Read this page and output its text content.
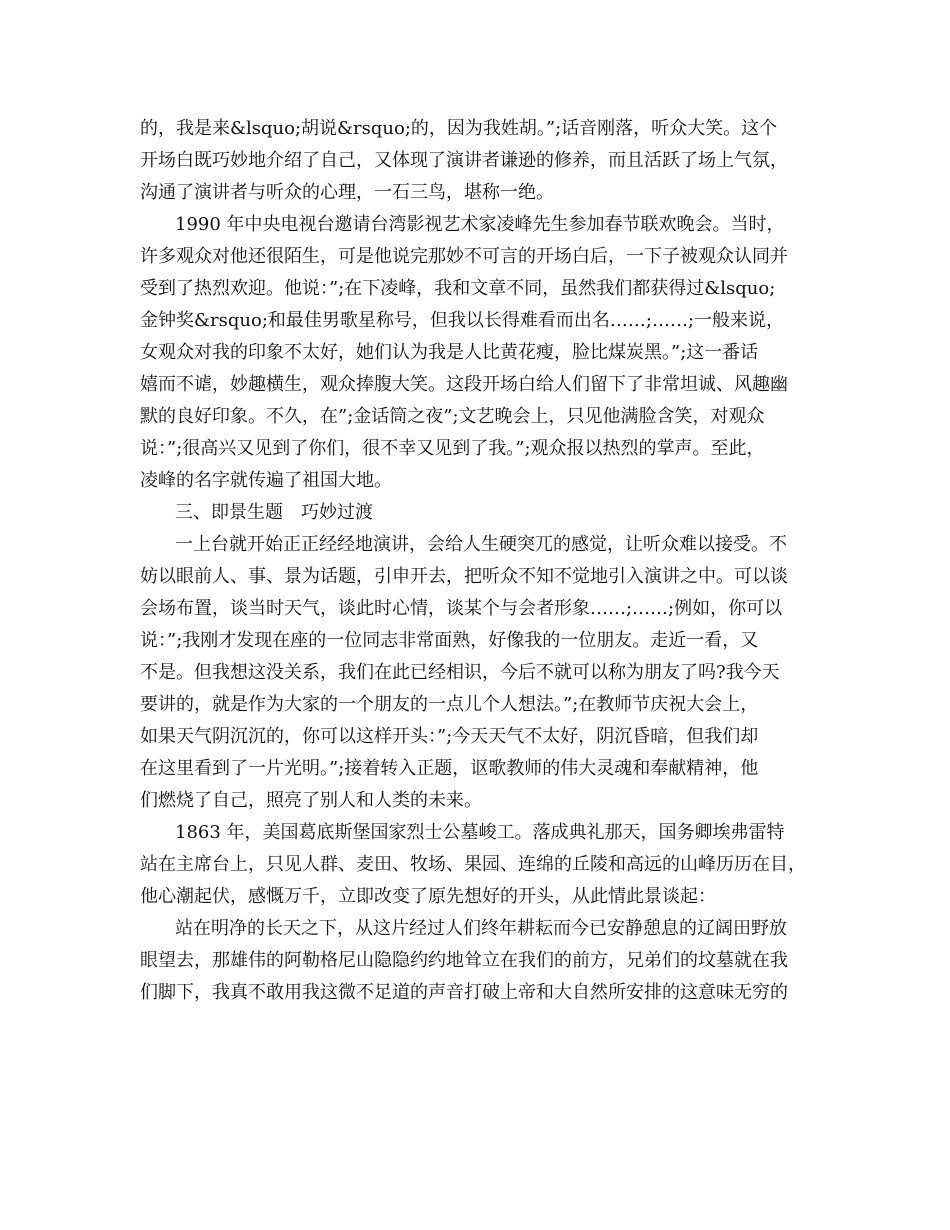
的，我是来&lsquo;胡说&rsquo;的，因为我姓胡。”;话音刚落，听众大笑。这个
开场白既巧妙地介绍了自己，又体现了演讲者谦逊的修养，而且活跃了场上气氛，
沟通了演讲者与听众的心理，一石三鸟，堪称一绝。
1990 年中央电视台邀请台湾影视艺术家凌峰先生参加春节联欢晚会。当时，
许多观众对他还很陌生，可是他说完那妙不可言的开场白后，一下子被观众认同并
受到了热烈欢迎。他说：”;在下凌峰，我和文章不同，虽然我们都获得过&lsquo;
金钟奖&rsquo;和最佳男歌星称号，但我以长得难看而出名……;……;一般来说，
女观众对我的印象不太好，她们认为我是人比黄花瘦，脸比煤炭黑。”;这一番话
嬉而不谑，妙趣横生，观众捧腹大笑。这段开场白给人们留下了非常坦诚、风趣幽
默的良好印象。不久，在”;金话筒之夜”;文艺晚会上，只见他满脸含笑，对观众
说：”;很高兴又见到了你们，很不幸又见到了我。”;观众报以热烈的掌声。至此，
凌峰的名字就传遍了祖国大地。
三、即景生题　巧妙过渡
一上台就开始正正经经地演讲，会给人生硬突兀的感觉，让听众难以接受。不
妨以眼前人、事、景为话题，引申开去，把听众不知不觉地引入演讲之中。可以谈
会场布置，谈当时天气，谈此时心情，谈某个与会者形象……;……;例如，你可以
说：”;我刚才发现在座的一位同志非常面熟，好像我的一位朋友。走近一看，又
不是。但我想这没关系，我们在此已经相识，今后不就可以称为朋友了吗?我今天
要讲的，就是作为大家的一个朋友的一点儿个人想法。”;在教师节庆祝大会上，
如果天气阴沉沉的，你可以这样开头：”;今天天气不太好，阴沉昏暗，但我们却
在这里看到了一片光明。”;接着转入正题，讴歌教师的伟大灵魂和奉献精神，他
们燃烧了自己，照亮了别人和人类的未来。
1863 年，美国葛底斯堡国家烈士公墓峻工。落成典礼那天，国务卿埃弗雷特
站在主席台上，只见人群、麦田、牧场、果园、连绵的丘陵和高远的山峰历历在目，
他心潮起伏，感慨万千，立即改变了原先想好的开头，从此情此景谈起：
站在明净的长天之下，从这片经过人们终年耕耘而今已安静憩息的辽阔田野放
眼望去，那雄伟的阿勒格尼山隐隐约约地耸立在我们的前方，兄弟们的坟墓就在我
们脚下，我真不敢用我这微不足道的声音打破上帝和大自然所安排的这意味无穷的
